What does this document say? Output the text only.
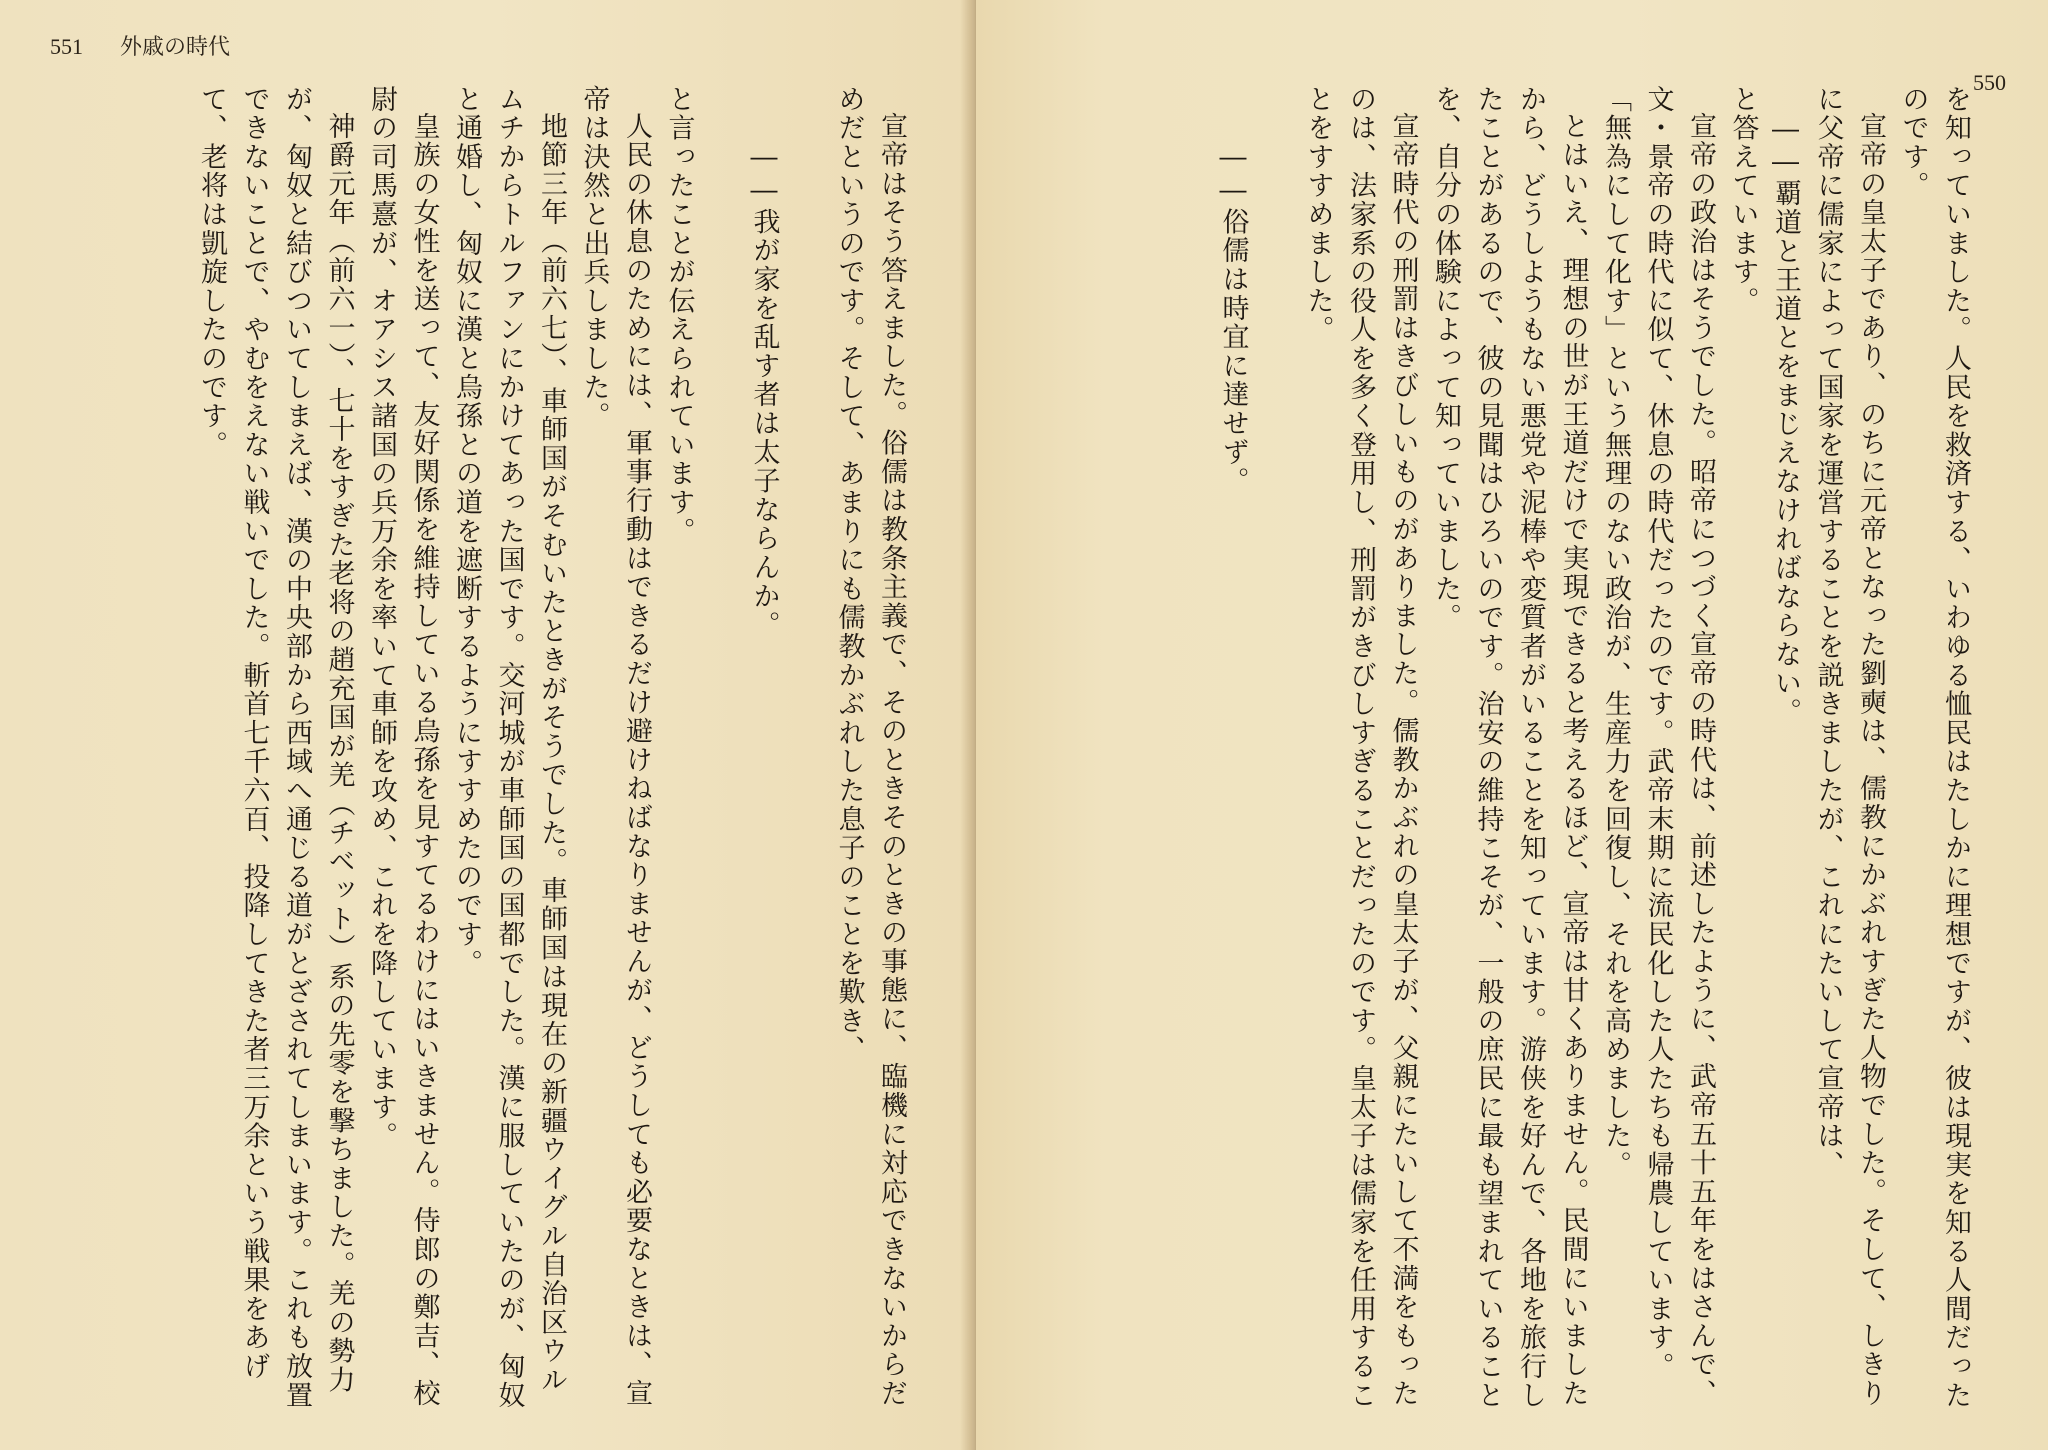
551 外戚の時代
宣帝はそう答えました。俗儒は教条主義で、そのときそのときの事態に、臨機に対応できないからだめだというのです。そして、あまりにも儒教かぶれした息子のことを歎き、
――我が家を乱す者は太子ならんか。
と言ったことが伝えられています。
人民の休息のためには、軍事行動はできるだけ避けねばなりませんが、どうしても必要なときは、宣帝は決然と出兵しました。
地節三年（前六七）、車師国がそむいたときがそうでした。車師国は現在の新疆ウイグル自治区ウルムチからトルファンにかけてあった国です。交河城が車師国の国都でした。漢に服していたのが、匈奴と通婚し、匈奴に漢と烏孫との道を遮断するようにすすめたのです。
皇族の女性を送って、友好関係を維持している烏孫を見すてるわけにはいきません。侍郎の鄭吉、校尉の司馬憙が、オアシス諸国の兵万余を率いて車師を攻め、これを降しています。
神爵元年（前六一）、七十をすぎた老将の趙充国が羌（チベット）系の先零を撃ちました。羌の勢力が、匈奴と結びついてしまえば、漢の中央部から西域へ通じる道がとざされてしまいます。これも放置できないことで、やむをえない戦いでした。斬首七千六百、投降してきた者三万余という戦果をあげて、老将は凱旋したのです。
550
を知っていました。人民を救済する、いわゆる恤民はたしかに理想ですが、彼は現実を知る人間だったのです。
宣帝の皇太子であり、のちに元帝となった劉奭は、儒教にかぶれすぎた人物でした。そして、しきりに父帝に儒家によって国家を運営することを説きましたが、これにたいして宣帝は、
　――覇道と王道とをまじえなければならない。
と答えています。
宣帝の政治はそうでした。昭帝につづく宣帝の時代は、前述したように、武帝五十五年をはさんで、文・景帝の時代に似て、休息の時代だったのです。武帝末期に流民化した人たちも帰農しています。「無為にして化す」という無理のない政治が、生産力を回復し、それを高めました。
とはいえ、理想の世が王道だけで実現できると考えるほど、宣帝は甘くありません。民間にいましたから、どうしようもない悪党や泥棒や変質者がいることを知っています。游侠を好んで、各地を旅行したことがあるので、彼の見聞はひろいのです。治安の維持こそが、一般の庶民に最も望まれていることを、自分の体験によって知っていました。
宣帝時代の刑罰はきびしいものがありました。儒教かぶれの皇太子が、父親にたいして不満をもったのは、法家系の役人を多く登用し、刑罰がきびしすぎることだったのです。皇太子は儒家を任用することをすすめました。
――俗儒は時宜に達せず。
